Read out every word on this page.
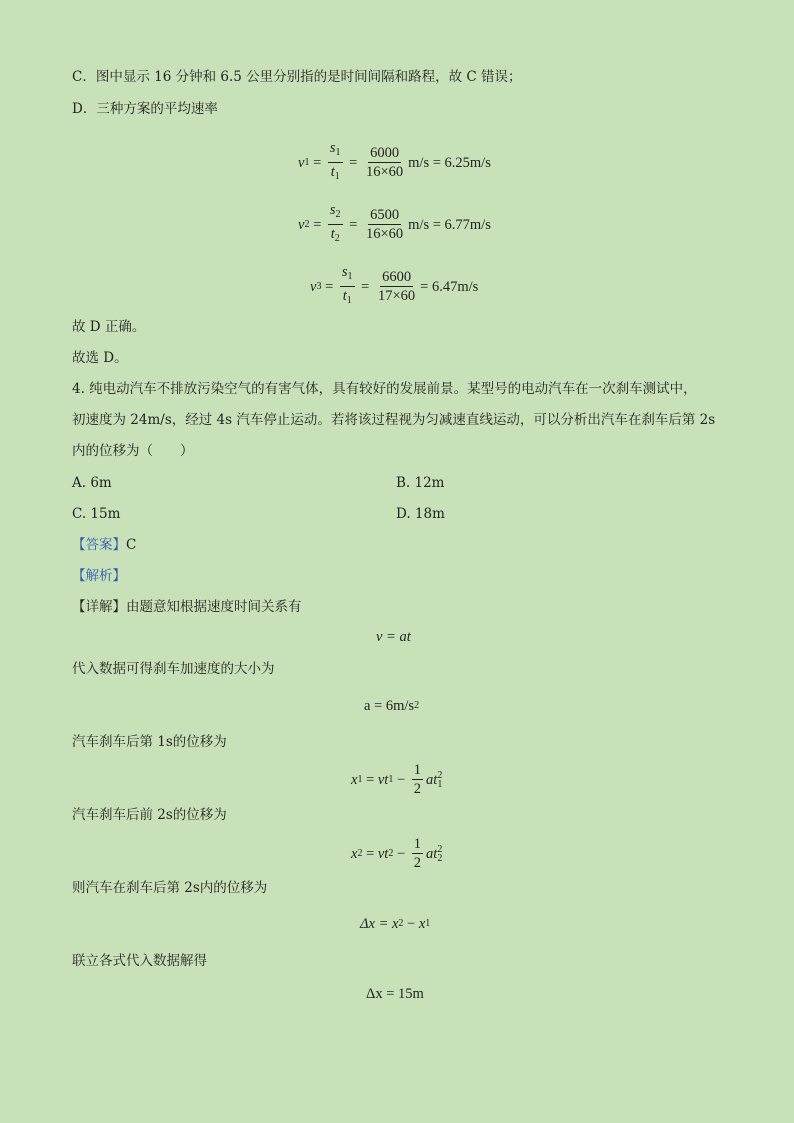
C．图中显示 16 分钟和 6.5 公里分别指的是时间间隔和路程，故 C 错误；
D．三种方案的平均速率
v $1 = \frac{s_1}{t_1} = \frac{6000}{16\times 60} m/s = 6.25m/s$
v $2 = \frac{s_2}{t_2} = \frac{6500}{16\times 60} m/s = 6.77m/s$
v $3 = \frac{s_1}{t_1} = \frac{6600}{17\times 60} = 6.47m/s$
故 D 正确。
故选 D。
4. 纯电动汽车不排放污染空气的有害气体，具有较好的发展前景。某型号的电动汽车在一次刹车测试中，
初速度为 24m/s，经过 4s 汽车停止运动。若将该过程视为匀减速直线运动，可以分析出汽车在刹车后第 2s
内的位移为（　　）
A. 6m	B. 12m
C. 15m	D. 18m
【答案】C
【解析】
【详解】由题意知根据速度时间关系有
v = at
代入数据可得刹车加速度的大小为
a = 6m/s 2
汽车刹车后第 1s的位移为
x 1 = vt $1 - \frac{1}{2}$ at 2
1
汽车刹车后前 2s的位移为
x 2 = vt $2 - \frac{1}{2}$ at 2
2
则汽车在刹车后第 2s内的位移为
Δx = x 2 − x 1
联立各式代入数据解得
Δx = 15m
